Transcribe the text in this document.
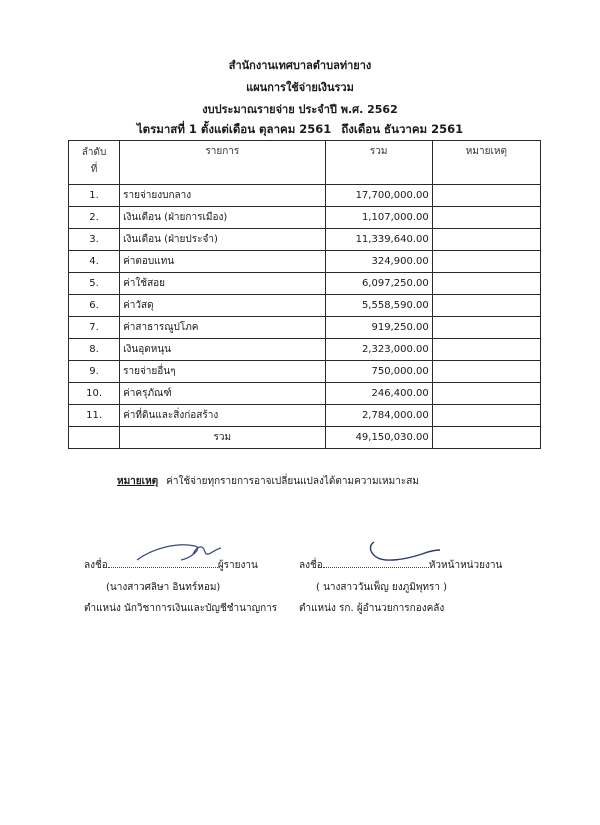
สำนักงานเทศบาลตำบลท่ายาง
แผนการใช้จ่ายเงินรวม
งบประมาณรายจ่าย ประจำปี พ.ศ. 2562
ไตรมาสที่ 1 ตั้งแต่เดือน ตุลาคม 2561 ถึงเดือน ธันวาคม 2561
ลำดับ
ที่	รายการ	รวม	หมายเหตุ
1.	รายจ่ายงบกลาง	17,700,000.00	
2.	เงินเดือน (ฝ่ายการเมือง)	1,107,000.00	
3.	เงินเดือน (ฝ่ายประจำ)	11,339,640.00	
4.	ค่าตอบแทน	324,900.00	
5.	ค่าใช้สอย	6,097,250.00	
6.	ค่าวัสดุ	5,558,590.00	
7.	ค่าสาธารณูปโภค	919,250.00	
8.	เงินอุดหนุน	2,323,000.00	
9.	รายจ่ายอื่นๆ	750,000.00	
10.	ค่าครุภัณฑ์	246,400.00	
11.	ค่าที่ดินและสิ่งก่อสร้าง	2,784,000.00	
	รวม	49,150,030.00	
หมายเหตุ ค่าใช้จ่ายทุกรายการอาจเปลี่ยนแปลงได้ตามความเหมาะสม
ลงชื่อ	ผู้รายงาน
(นางสาวศลิษา อินทร์หอม)
ตำแหน่ง นักวิชาการเงินและบัญชีชำนาญการ
ลงชื่อ	หัวหน้าหน่วยงาน
( นางสาววันเพ็ญ ยงภูมิพุทรา )
ตำแหน่ง รก. ผู้อำนวยการกองคลัง
